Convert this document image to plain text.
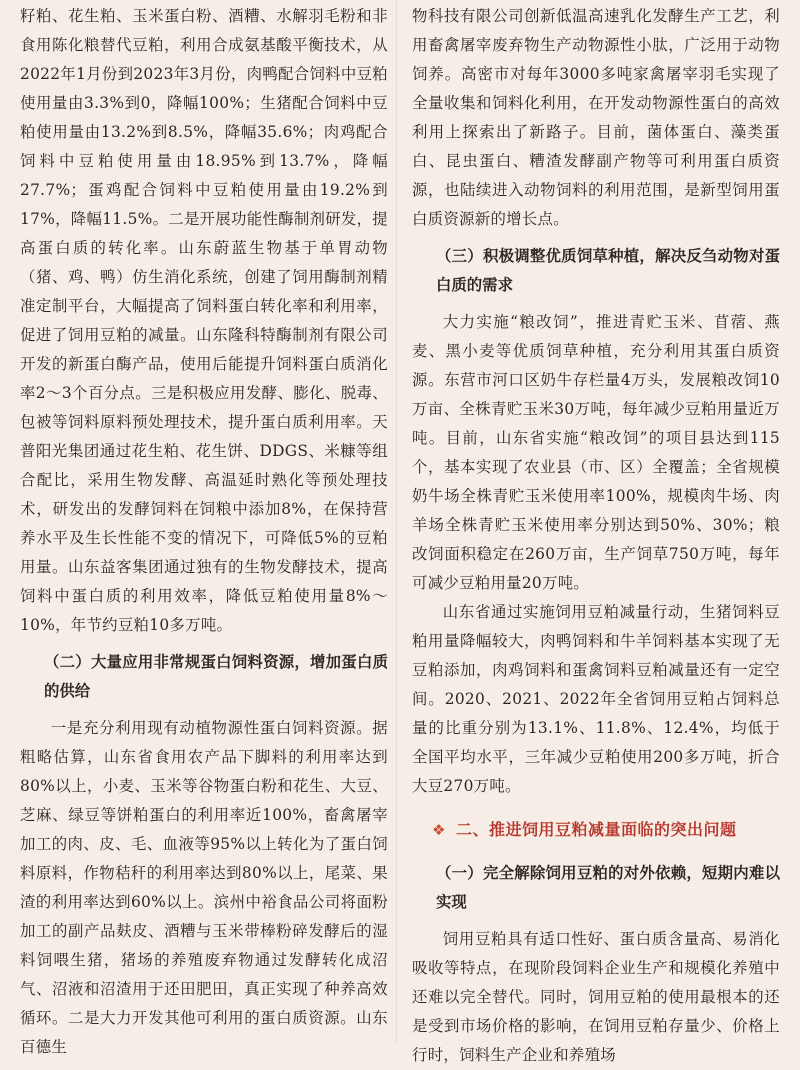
籽粕、花生粕、玉米蛋白粉、酒糟、水解羽毛粉和非食用陈化粮替代豆粕，利用合成氨基酸平衡技术，从2022年1月份到2023年3月份，肉鸭配合饲料中豆粕使用量由3.3%到0，降幅100%；生猪配合饲料中豆粕使用量由13.2%到8.5%，降幅35.6%；肉鸡配合饲料中豆粕使用量由18.95%到13.7%，降幅27.7%；蛋鸡配合饲料中豆粕使用量由19.2%到17%，降幅11.5%。二是开展功能性酶制剂研发，提高蛋白质的转化率。山东蔚蓝生物基于单胃动物（猪、鸡、鸭）仿生消化系统，创建了饲用酶制剂精准定制平台，大幅提高了饲料蛋白转化率和利用率，促进了饲用豆粕的减量。山东隆科特酶制剂有限公司开发的新蛋白酶产品，使用后能提升饲料蛋白质消化率2～3个百分点。三是积极应用发酵、膨化、脱毒、包被等饲料原料预处理技术，提升蛋白质利用率。天普阳光集团通过花生粕、花生饼、DDGS、米糠等组合配比，采用生物发酵、高温延时熟化等预处理技术，研发出的发酵饲料在饲粮中添加8%，在保持营养水平及生长性能不变的情况下，可降低5%的豆粕用量。山东益客集团通过独有的生物发酵技术，提高饲料中蛋白质的利用效率，降低豆粕使用量8%～10%，年节约豆粕10多万吨。

（二）大量应用非常规蛋白饲料资源，增加蛋白质的供给

一是充分利用现有动植物源性蛋白饲料资源。据粗略估算，山东省食用农产品下脚料的利用率达到80%以上，小麦、玉米等谷物蛋白粉和花生、大豆、芝麻、绿豆等饼粕蛋白的利用率近100%，畜禽屠宰加工的肉、皮、毛、血液等95%以上转化为了蛋白饲料原料，作物秸秆的利用率达到80%以上，尾菜、果渣的利用率达到60%以上。滨州中裕食品公司将面粉加工的副产品麸皮、酒糟与玉米带棒粉碎发酵后的湿料饲喂生猪，猪场的养殖废弃物通过发酵转化成沼气、沼液和沼渣用于还田肥田，真正实现了种养高效循环。二是大力开发其他可利用的蛋白质资源。山东百德生

物科技有限公司创新低温高速乳化发酵生产工艺，利用畜禽屠宰废弃物生产动物源性小肽，广泛用于动物饲养。高密市对每年3000多吨家禽屠宰羽毛实现了全量收集和饲料化利用，在开发动物源性蛋白的高效利用上探索出了新路子。目前，菌体蛋白、藻类蛋白、昆虫蛋白、糟渣发酵副产物等可利用蛋白质资源，也陆续进入动物饲料的利用范围，是新型饲用蛋白质资源新的增长点。

（三）积极调整优质饲草种植，解决反刍动物对蛋白质的需求

大力实施“粮改饲”，推进青贮玉米、苜蓿、燕麦、黑小麦等优质饲草种植，充分利用其蛋白质资源。东营市河口区奶牛存栏量4万头，发展粮改饲10万亩、全株青贮玉米30万吨，每年减少豆粕用量近万吨。目前，山东省实施“粮改饲”的项目县达到115个，基本实现了农业县（市、区）全覆盖；全省规模奶牛场全株青贮玉米使用率100%，规模肉牛场、肉羊场全株青贮玉米使用率分别达到50%、30%；粮改饲面积稳定在260万亩，生产饲草750万吨，每年可减少豆粕用量20万吨。

山东省通过实施饲用豆粕减量行动，生猪饲料豆粕用量降幅较大，肉鸭饲料和牛羊饲料基本实现了无豆粕添加，肉鸡饲料和蛋禽饲料豆粕减量还有一定空间。2020、2021、2022年全省饲用豆粕占饲料总量的比重分别为13.1%、11.8%、12.4%，均低于全国平均水平，三年减少豆粕使用200多万吨，折合大豆270万吨。

❖ 二、推进饲用豆粕减量面临的突出问题
（一）完全解除饲用豆粕的对外依赖，短期内难以实现

饲用豆粕具有适口性好、蛋白质含量高、易消化吸收等特点，在现阶段饲料企业生产和规模化养殖中还难以完全替代。同时，饲用豆粕的使用最根本的还是受到市场价格的影响，在饲用豆粕存量少、价格上行时，饲料生产企业和养殖场
